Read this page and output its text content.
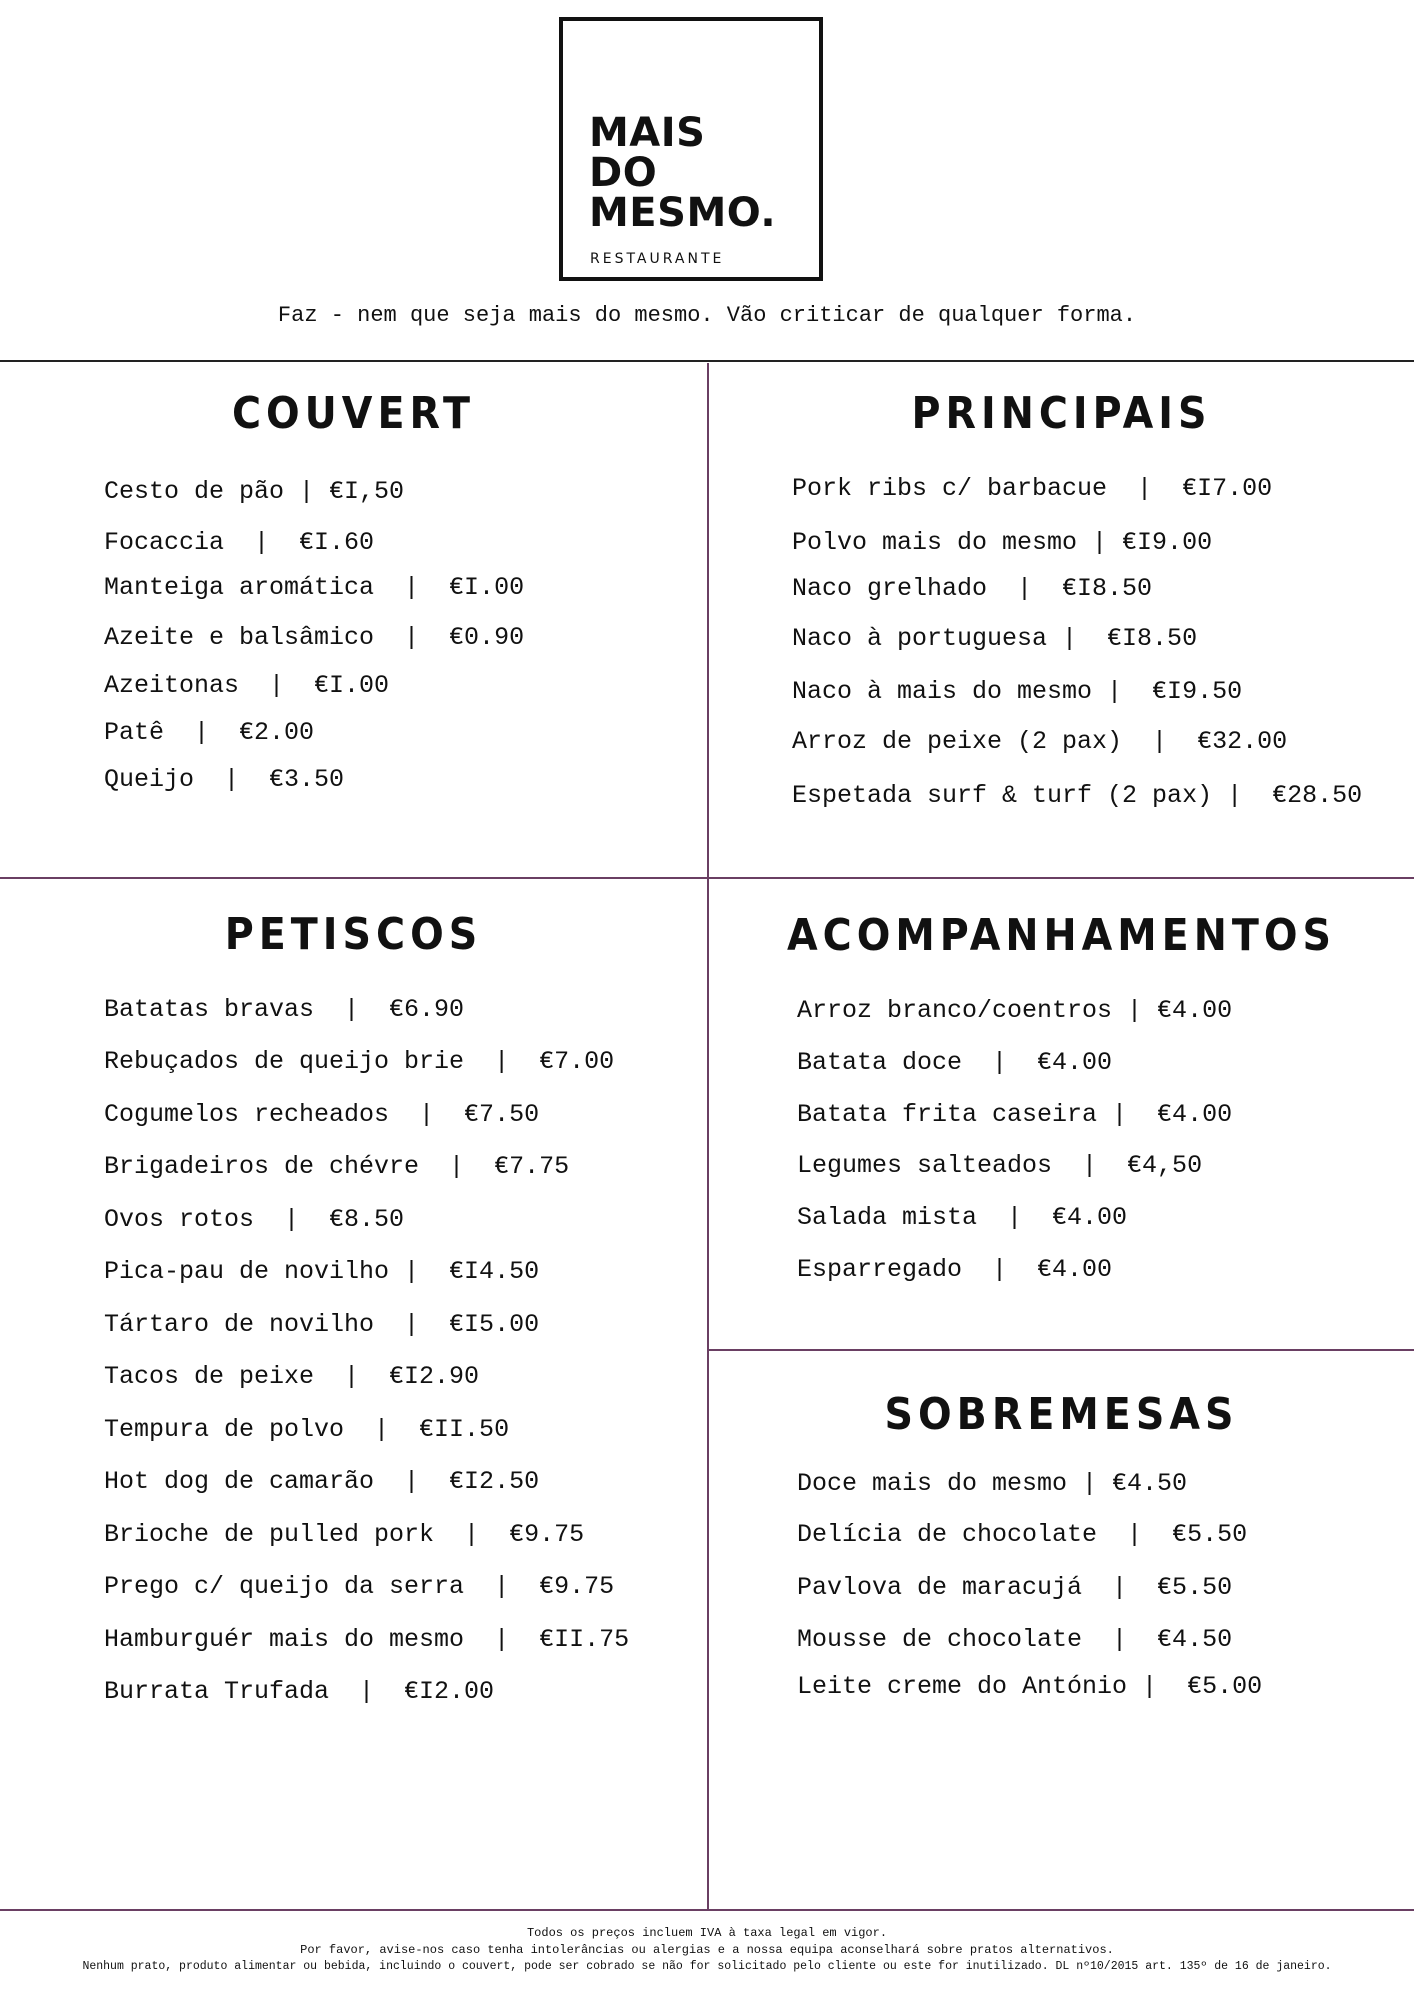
MAIS

DO

MESMO.

RESTAURANTE

Faz - nem que seja mais do mesmo. Vão criticar de qualquer forma.

COUVERT

Cesto de pão | €I,50

Focaccia  |  €I.60

Manteiga aromática  |  €I.00

Azeite e balsâmico  |  €0.90

Azeitonas  |  €I.00

Patê  |  €2.00

Queijo  |  €3.50

PRINCIPAIS

Pork ribs c/ barbacue  |  €I7.00

Polvo mais do mesmo | €I9.00

Naco grelhado  |  €I8.50

Naco à portuguesa |  €I8.50

Naco à mais do mesmo |  €I9.50

Arroz de peixe (2 pax)  |  €32.00

Espetada surf & turf (2 pax) |  €28.50

PETISCOS

Batatas bravas  |  €6.90

Rebuçados de queijo brie  |  €7.00

Cogumelos recheados  |  €7.50

Brigadeiros de chévre  |  €7.75

Ovos rotos  |  €8.50

Pica-pau de novilho |  €I4.50

Tártaro de novilho  |  €I5.00

Tacos de peixe  |  €I2.90

Tempura de polvo  |  €II.50

Hot dog de camarão  |  €I2.50

Brioche de pulled pork  |  €9.75

Prego c/ queijo da serra  |  €9.75

Hamburguér mais do mesmo  |  €II.75

Burrata Trufada  |  €I2.00

ACOMPANHAMENTOS

Arroz branco/coentros | €4.00

Batata doce  |  €4.00

Batata frita caseira |  €4.00

Legumes salteados  |  €4,50

Salada mista  |  €4.00

Esparregado  |  €4.00

SOBREMESAS

Doce mais do mesmo | €4.50

Delícia de chocolate  |  €5.50

Pavlova de maracujá  |  €5.50

Mousse de chocolate  |  €4.50

Leite creme do António |  €5.00

Todos os preços incluem IVA à taxa legal em vigor.

Por favor, avise-nos caso tenha intolerâncias ou alergias e a nossa equipa aconselhará sobre pratos alternativos.

Nenhum prato, produto alimentar ou bebida, incluindo o couvert, pode ser cobrado se não for solicitado pelo cliente ou este for inutilizado. DL nº10/2015 art. 135º de 16 de janeiro.
